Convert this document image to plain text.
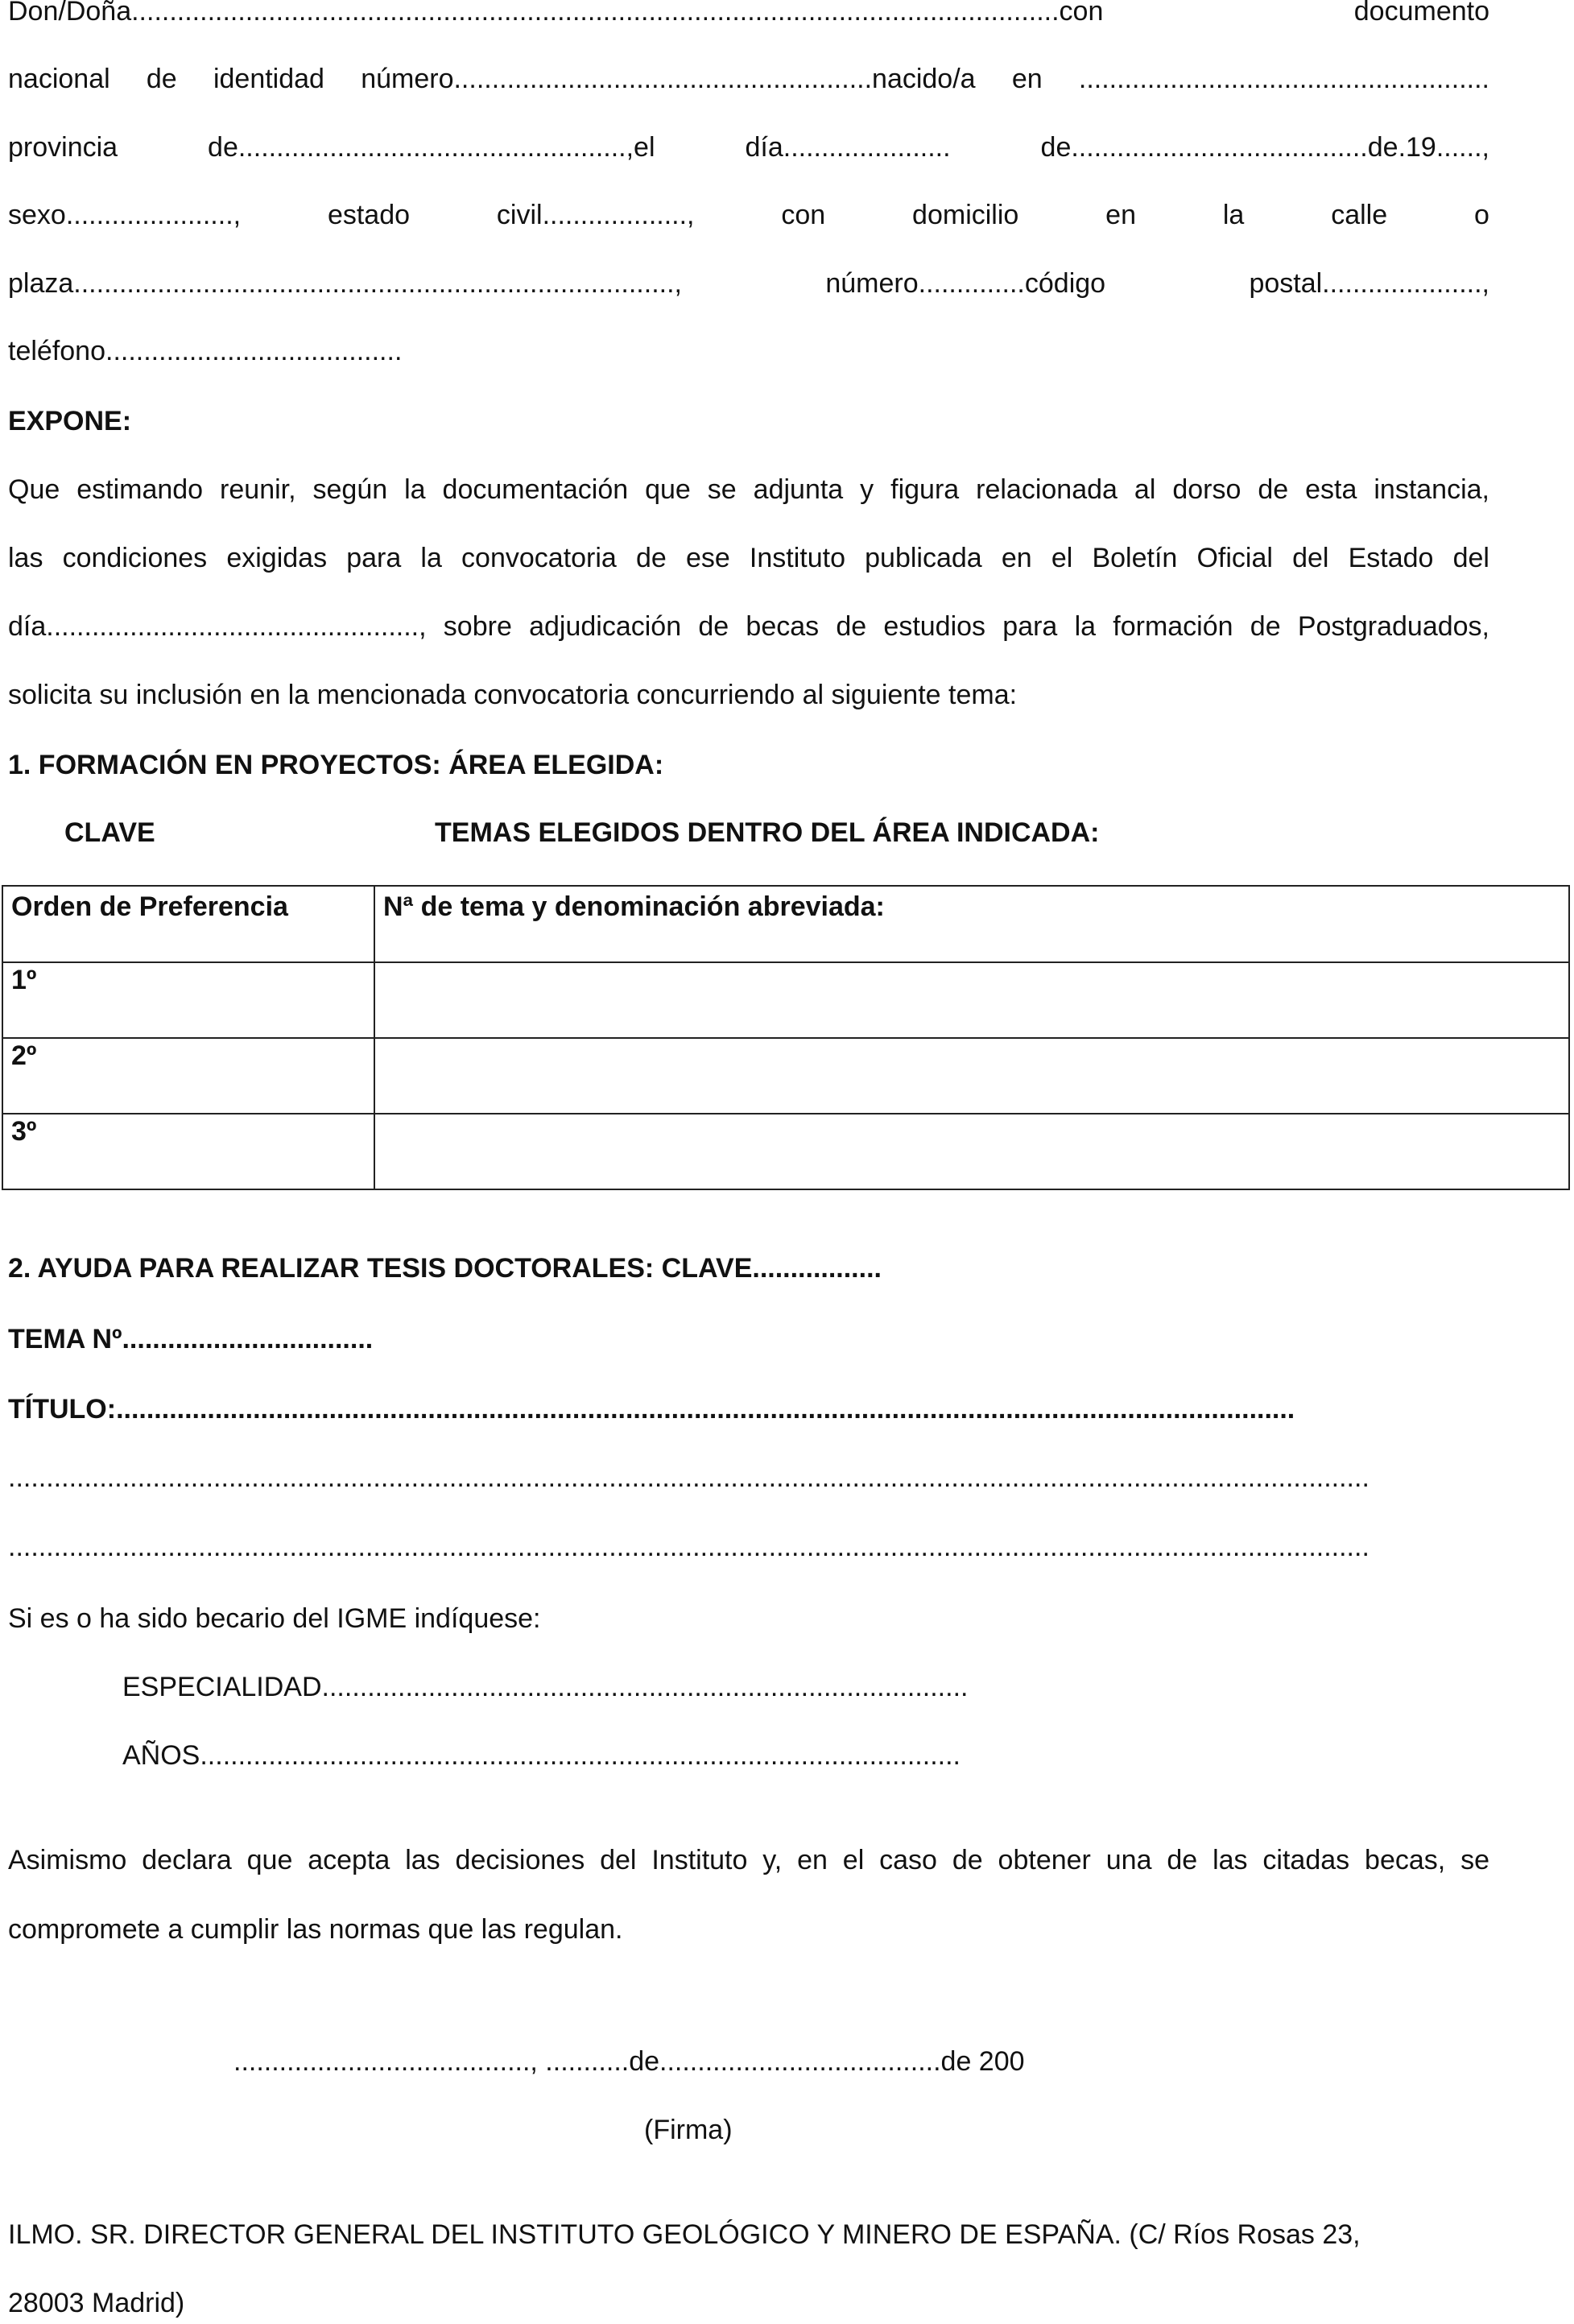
Don/Doña..........................................................................................................................con	documento
nacional de identidad número.......................................................nacido/a en ......................................................
provincia	de...................................................,el	día......................	de.......................................de.19......,
sexo......................,	estado	civil...................,	con	domicilio	en	la	calle	o
plaza...............................................................................,	número..............código	postal.....................,
teléfono.......................................
EXPONE:
Que estimando reunir, según la documentación que se adjunta y figura relacionada al dorso de esta instancia,
las condiciones exigidas para la convocatoria de ese Instituto publicada en el Boletín Oficial del Estado del
día................................................., sobre adjudicación de becas de estudios para la formación de Postgraduados,
solicita su inclusión en la mencionada convocatoria concurriendo al siguiente tema:
1. FORMACIÓN EN PROYECTOS: ÁREA ELEGIDA:
CLAVE	TEMAS ELEGIDOS DENTRO DEL ÁREA INDICADA:
Orden de Preferencia	Nª de tema y denominación abreviada:
1º	
2º	
3º	
2. AYUDA PARA REALIZAR TESIS DOCTORALES: CLAVE.................
TEMA Nº.................................
TÍTULO:...........................................................................................................................................................
...................................................................................................................................................................................
...................................................................................................................................................................................
Si es o ha sido becario del IGME indíquese:
ESPECIALIDAD.....................................................................................
AÑOS....................................................................................................
Asimismo declara que acepta las decisiones del Instituto y, en el caso de obtener una de las citadas becas, se
compromete a cumplir las normas que las regulan.
......................................., ...........de.....................................de 200
(Firma)
ILMO. SR. DIRECTOR GENERAL DEL INSTITUTO GEOLÓGICO Y MINERO DE ESPAÑA. (C/ Ríos Rosas 23,
28003 Madrid)
